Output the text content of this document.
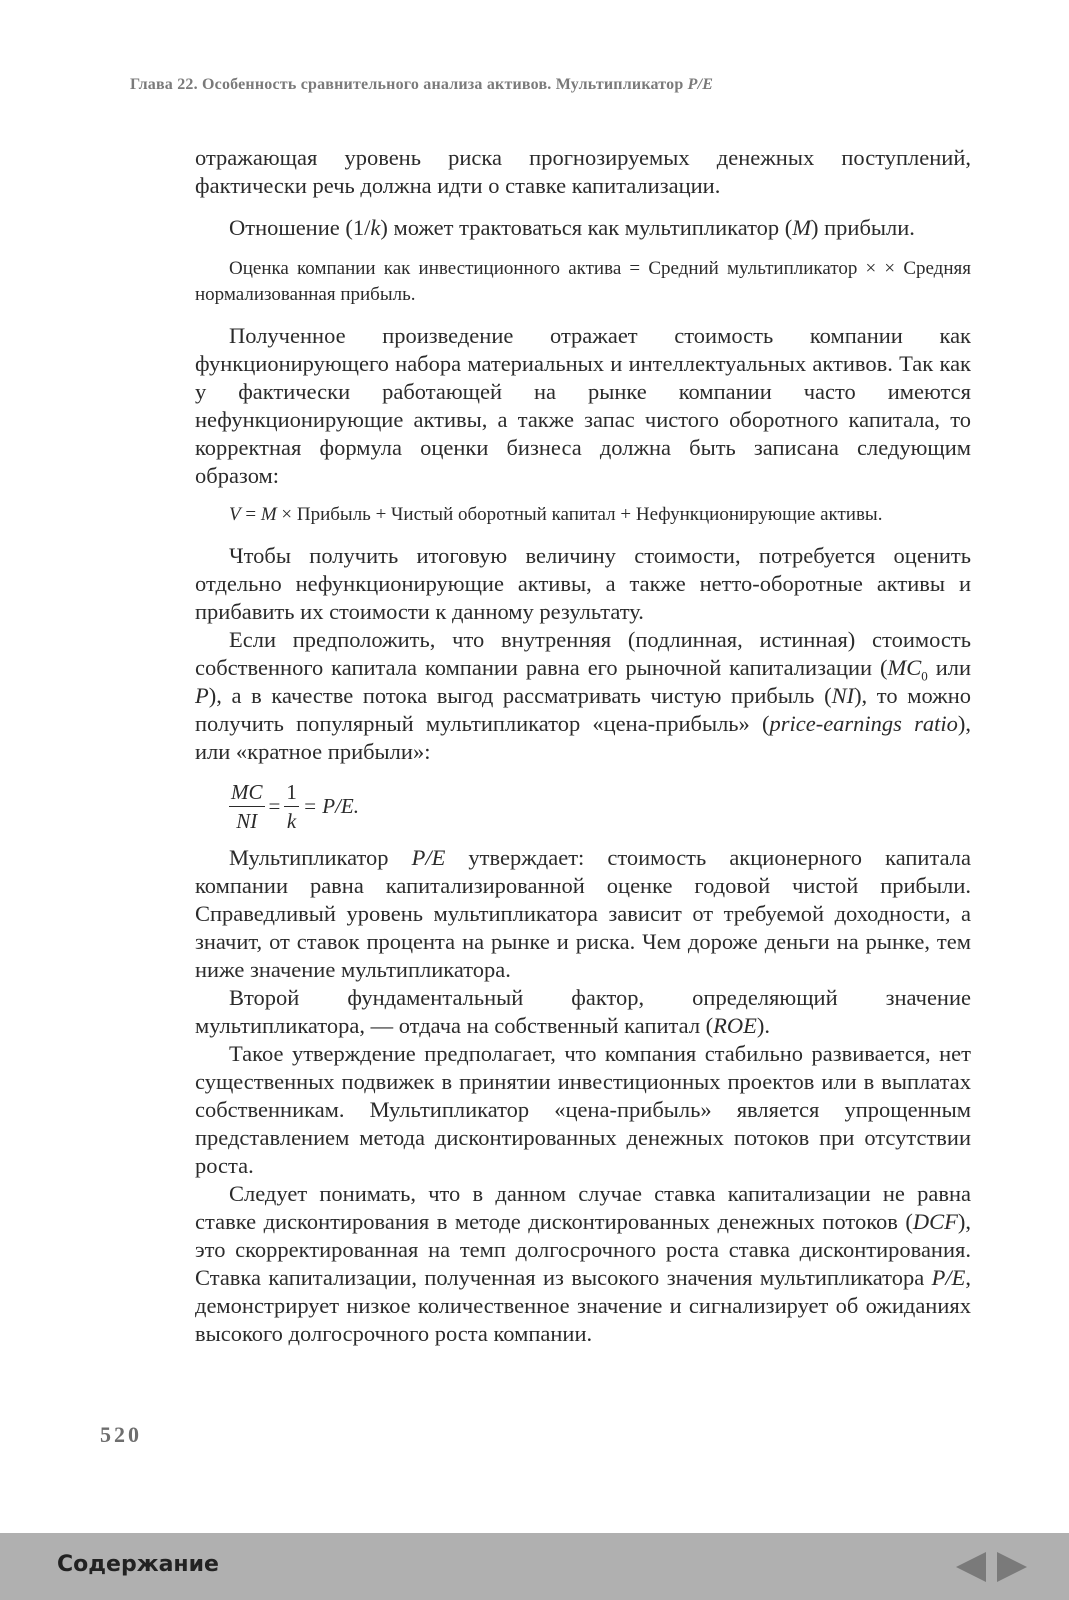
Глава 22. Особенность сравнительного анализа активов. Мультипликатор P/E

отражающая уровень риска прогнозируемых денежных поступлений, фактически речь должна идти о ставке капитализации.

Отношение (1/k) может трактоваться как мультипликатор (M) прибыли.

Оценка компании как инвестиционного актива = Средний мультипликатор × × Средняя нормализованная прибыль.

Полученное произведение отражает стоимость компании как функционирующего набора материальных и интеллектуальных активов. Так как у фактически работающей на рынке компании часто имеются нефункционирующие активы, а также запас чистого оборотного капитала, то корректная формула оценки бизнеса должна быть записана следующим образом:

V = M × Прибыль + Чистый оборотный капитал + Нефункционирующие активы.

Чтобы получить итоговую величину стоимости, потребуется оценить отдельно нефункционирующие активы, а также нетто-оборотные активы и прибавить их стоимости к данному результату.

Если предположить, что внутренняя (подлинная, истинная) стоимость собственного капитала компании равна его рыночной капитализации ($MC_0$ или P), а в качестве потока выгод рассматривать чистую прибыль (NI), то можно получить популярный мультипликатор «цена-прибыль» (price-earnings ratio), или «кратное прибыли»:

$\frac{MC}{NI} = \frac{1}{k} = P/E$.

Мультипликатор P/E утверждает: стоимость акционерного капитала компании равна капитализированной оценке годовой чистой прибыли. Справедливый уровень мультипликатора зависит от требуемой доходности, а значит, от ставок процента на рынке и риска. Чем дороже деньги на рынке, тем ниже значение мультипликатора.

Второй фундаментальный фактор, определяющий значение мультипликатора, — отдача на собственный капитал (ROE).

Такое утверждение предполагает, что компания стабильно развивается, нет существенных подвижек в принятии инвестиционных проектов или в выплатах собственникам. Мультипликатор «цена-прибыль» является упрощенным представлением метода дисконтированных денежных потоков при отсутствии роста.

Следует понимать, что в данном случае ставка капитализации не равна ставке дисконтирования в методе дисконтированных денежных потоков (DCF), это скорректированная на темп долгосрочного роста ставка дисконтирования. Ставка капитализации, полученная из высокого значения мультипликатора P/E, демонстрирует низкое количественное значение и сигнализирует об ожиданиях высокого долгосрочного роста компании.

520
Содержание
